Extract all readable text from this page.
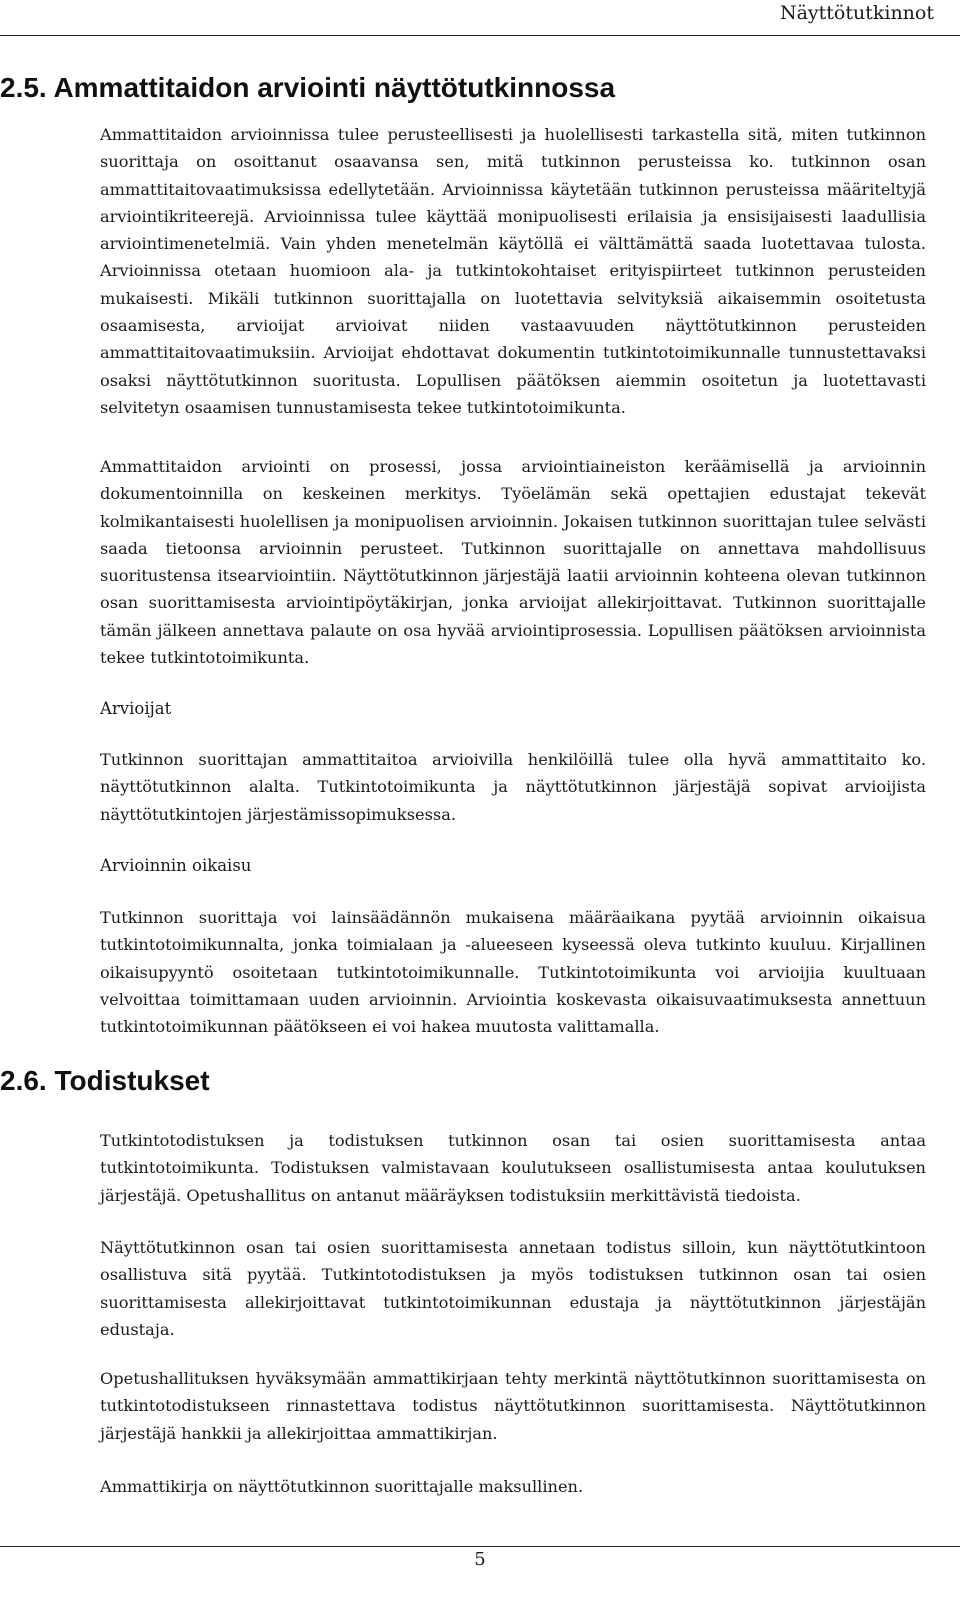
Näyttötutkinnot
2.5. Ammattitaidon arviointi näyttötutkinnossa

Ammattitaidon arvioinnissa tulee perusteellisesti ja huolellisesti tarkastella sitä, miten tutkinnon suorittaja on osoittanut osaavansa sen, mitä tutkinnon perusteissa ko. tutkinnon osan ammattitaitovaatimuksissa edellytetään. Arvioinnissa käytetään tutkinnon perusteissa määriteltyjä arviointikriteerejä. Arvioinnissa tulee käyttää monipuolisesti erilaisia ja ensisijaisesti laadullisia arviointimenetelmiä. Vain yhden menetelmän käytöllä ei välttämättä saada luotettavaa tulosta. Arvioinnissa otetaan huomioon ala- ja tutkintokohtaiset erityispiirteet tutkinnon perusteiden mukaisesti. Mikäli tutkinnon suorittajalla on luotettavia selvityksiä aikaisemmin osoitetusta osaamisesta, arvioijat arvioivat niiden vastaavuuden näyttötutkinnon perusteiden ammattitaitovaatimuksiin. Arvioijat ehdottavat dokumentin tutkintotoimikunnalle tunnustettavaksi osaksi näyttötutkinnon suoritusta. Lopullisen päätöksen aiemmin osoitetun ja luotettavasti selvitetyn osaamisen tunnustamisesta tekee tutkintotoimikunta.

Ammattitaidon arviointi on prosessi, jossa arviointiaineiston keräämisellä ja arvioinnin dokumentoinnilla on keskeinen merkitys. Työelämän sekä opettajien edustajat tekevät kolmikantaisesti huolellisen ja monipuolisen arvioinnin. Jokaisen tutkinnon suorittajan tulee selvästi saada tietoonsa arvioinnin perusteet. Tutkinnon suorittajalle on annettava mahdollisuus suoritustensa itsearviointiin. Näyttötutkinnon järjestäjä laatii arvioinnin kohteena olevan tutkinnon osan suorittamisesta arviointipöytäkirjan, jonka arvioijat allekirjoittavat. Tutkinnon suorittajalle tämän jälkeen annettava palaute on osa hyvää arviointiprosessia. Lopullisen päätöksen arvioinnista tekee tutkintotoimikunta.

Arvioijat

Tutkinnon suorittajan ammattitaitoa arvioivilla henkilöillä tulee olla hyvä ammattitaito ko. näyttötutkinnon alalta. Tutkintotoimikunta ja näyttötutkinnon järjestäjä sopivat arvioijista näyttötutkintojen järjestämissopimuksessa.

Arvioinnin oikaisu

Tutkinnon suorittaja voi lainsäädännön mukaisena määräaikana pyytää arvioinnin oikaisua tutkintotoimikunnalta, jonka toimialaan ja -alueeseen kyseessä oleva tutkinto kuuluu. Kirjallinen oikaisupyyntö osoitetaan tutkintotoimikunnalle. Tutkintotoimikunta voi arvioijia kuultuaan velvoittaa toimittamaan uuden arvioinnin. Arviointia koskevasta oikaisuvaatimuksesta annettuun tutkintotoimikunnan päätökseen ei voi hakea muutosta valittamalla.

2.6. Todistukset

Tutkintotodistuksen ja todistuksen tutkinnon osan tai osien suorittamisesta antaa tutkintotoimikunta. Todistuksen valmistavaan koulutukseen osallistumisesta antaa koulutuksen järjestäjä. Opetushallitus on antanut määräyksen todistuksiin merkittävistä tiedoista.

Näyttötutkinnon osan tai osien suorittamisesta annetaan todistus silloin, kun näyttötutkintoon osallistuva sitä pyytää. Tutkintotodistuksen ja myös todistuksen tutkinnon osan tai osien suorittamisesta allekirjoittavat tutkintotoimikunnan edustaja ja näyttötutkinnon järjestäjän edustaja.

Opetushallituksen hyväksymään ammattikirjaan tehty merkintä näyttötutkinnon suorittamisesta on tutkintotodistukseen rinnastettava todistus näyttötutkinnon suorittamisesta. Näyttötutkinnon järjestäjä hankkii ja allekirjoittaa ammattikirjan.

Ammattikirja on näyttötutkinnon suorittajalle maksullinen.

5
